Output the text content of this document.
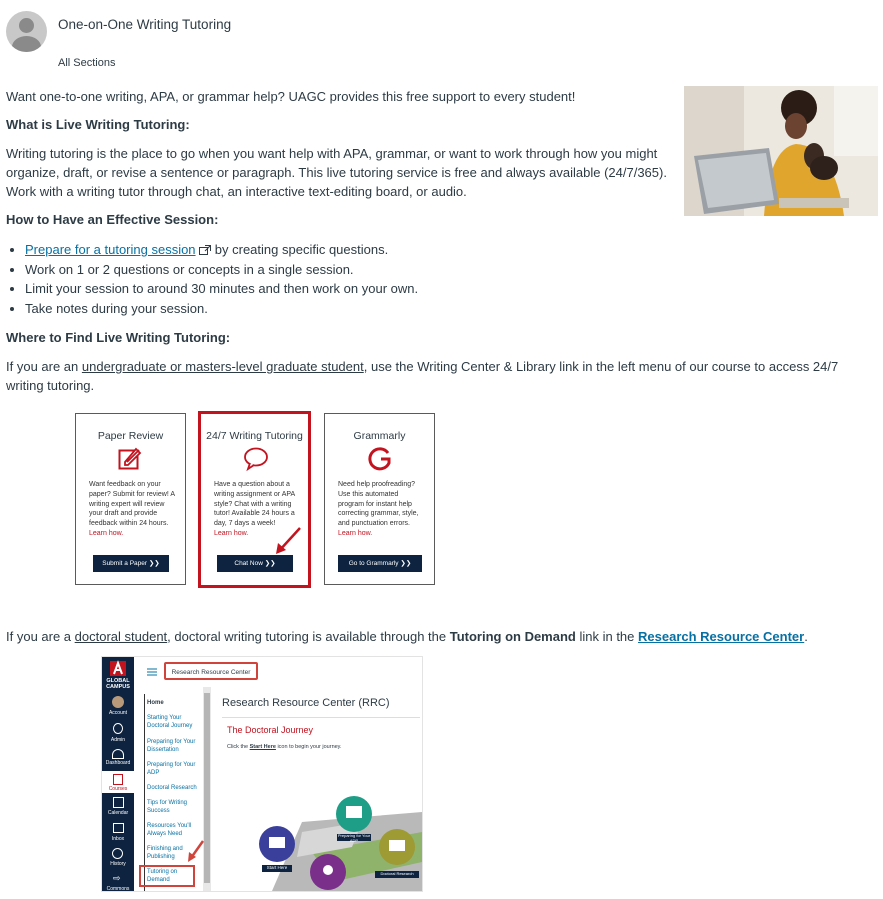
One-on-One Writing Tutoring
All Sections
Want one-to-one writing, APA, or grammar help? UAGC provides this free support to every student!
What is Live Writing Tutoring:
Writing tutoring is the place to go when you want help with APA, grammar, or want to work through how you might organize, draft, or revise a sentence or paragraph. This live tutoring service is free and always available (24/7/365). Work with a writing tutor through chat, an interactive text-editing board, or audio.
How to Have an Effective Session:
• Prepare for a tutoring session  by creating specific questions.
• Work on 1 or 2 questions or concepts in a single session.
• Limit your session to around 30 minutes and then work on your own.
• Take notes during your session.
Where to Find Live Writing Tutoring:
If you are an undergraduate or masters-level graduate student, use the Writing Center & Library link in the left menu of our course to access 24/7 writing tutoring.
Paper Review
Want feedback on your paper? Submit for review! A writing expert will review your draft and provide feedback within 24 hours.
Learn how.
Submit a Paper ❯❯
24/7 Writing Tutoring
Have a question about a writing assignment or APA style? Chat with a writing tutor! Available 24 hours a day, 7 days a week!
Learn how.
Chat Now ❯❯
Grammarly
Need help proofreading? Use this automated program for instant help correcting grammar, style, and punctuation errors.
Learn how.
Go to Grammarly ❯❯
If you are a doctoral student, doctoral writing tutoring is available through the Tutoring on Demand link in the Research Resource Center.
GLOBAL
CAMPUS
Account
Admin
Dashboard
Courses
Calendar
Inbox
History
⇨
Commons
Research Resource Center
Home
Starting Your Doctoral Journey
Preparing for Your Dissertation
Preparing for Your ADP
Doctoral Research
Tips for Writing Success
Resources You'll Always Need
Finishing and Publishing
Tutoring on Demand
Research Resource Center (RRC)
The Doctoral Journey
Click the Start Here icon to begin your journey.
Start Here
Preparing for Your ADP
Doctoral Research
